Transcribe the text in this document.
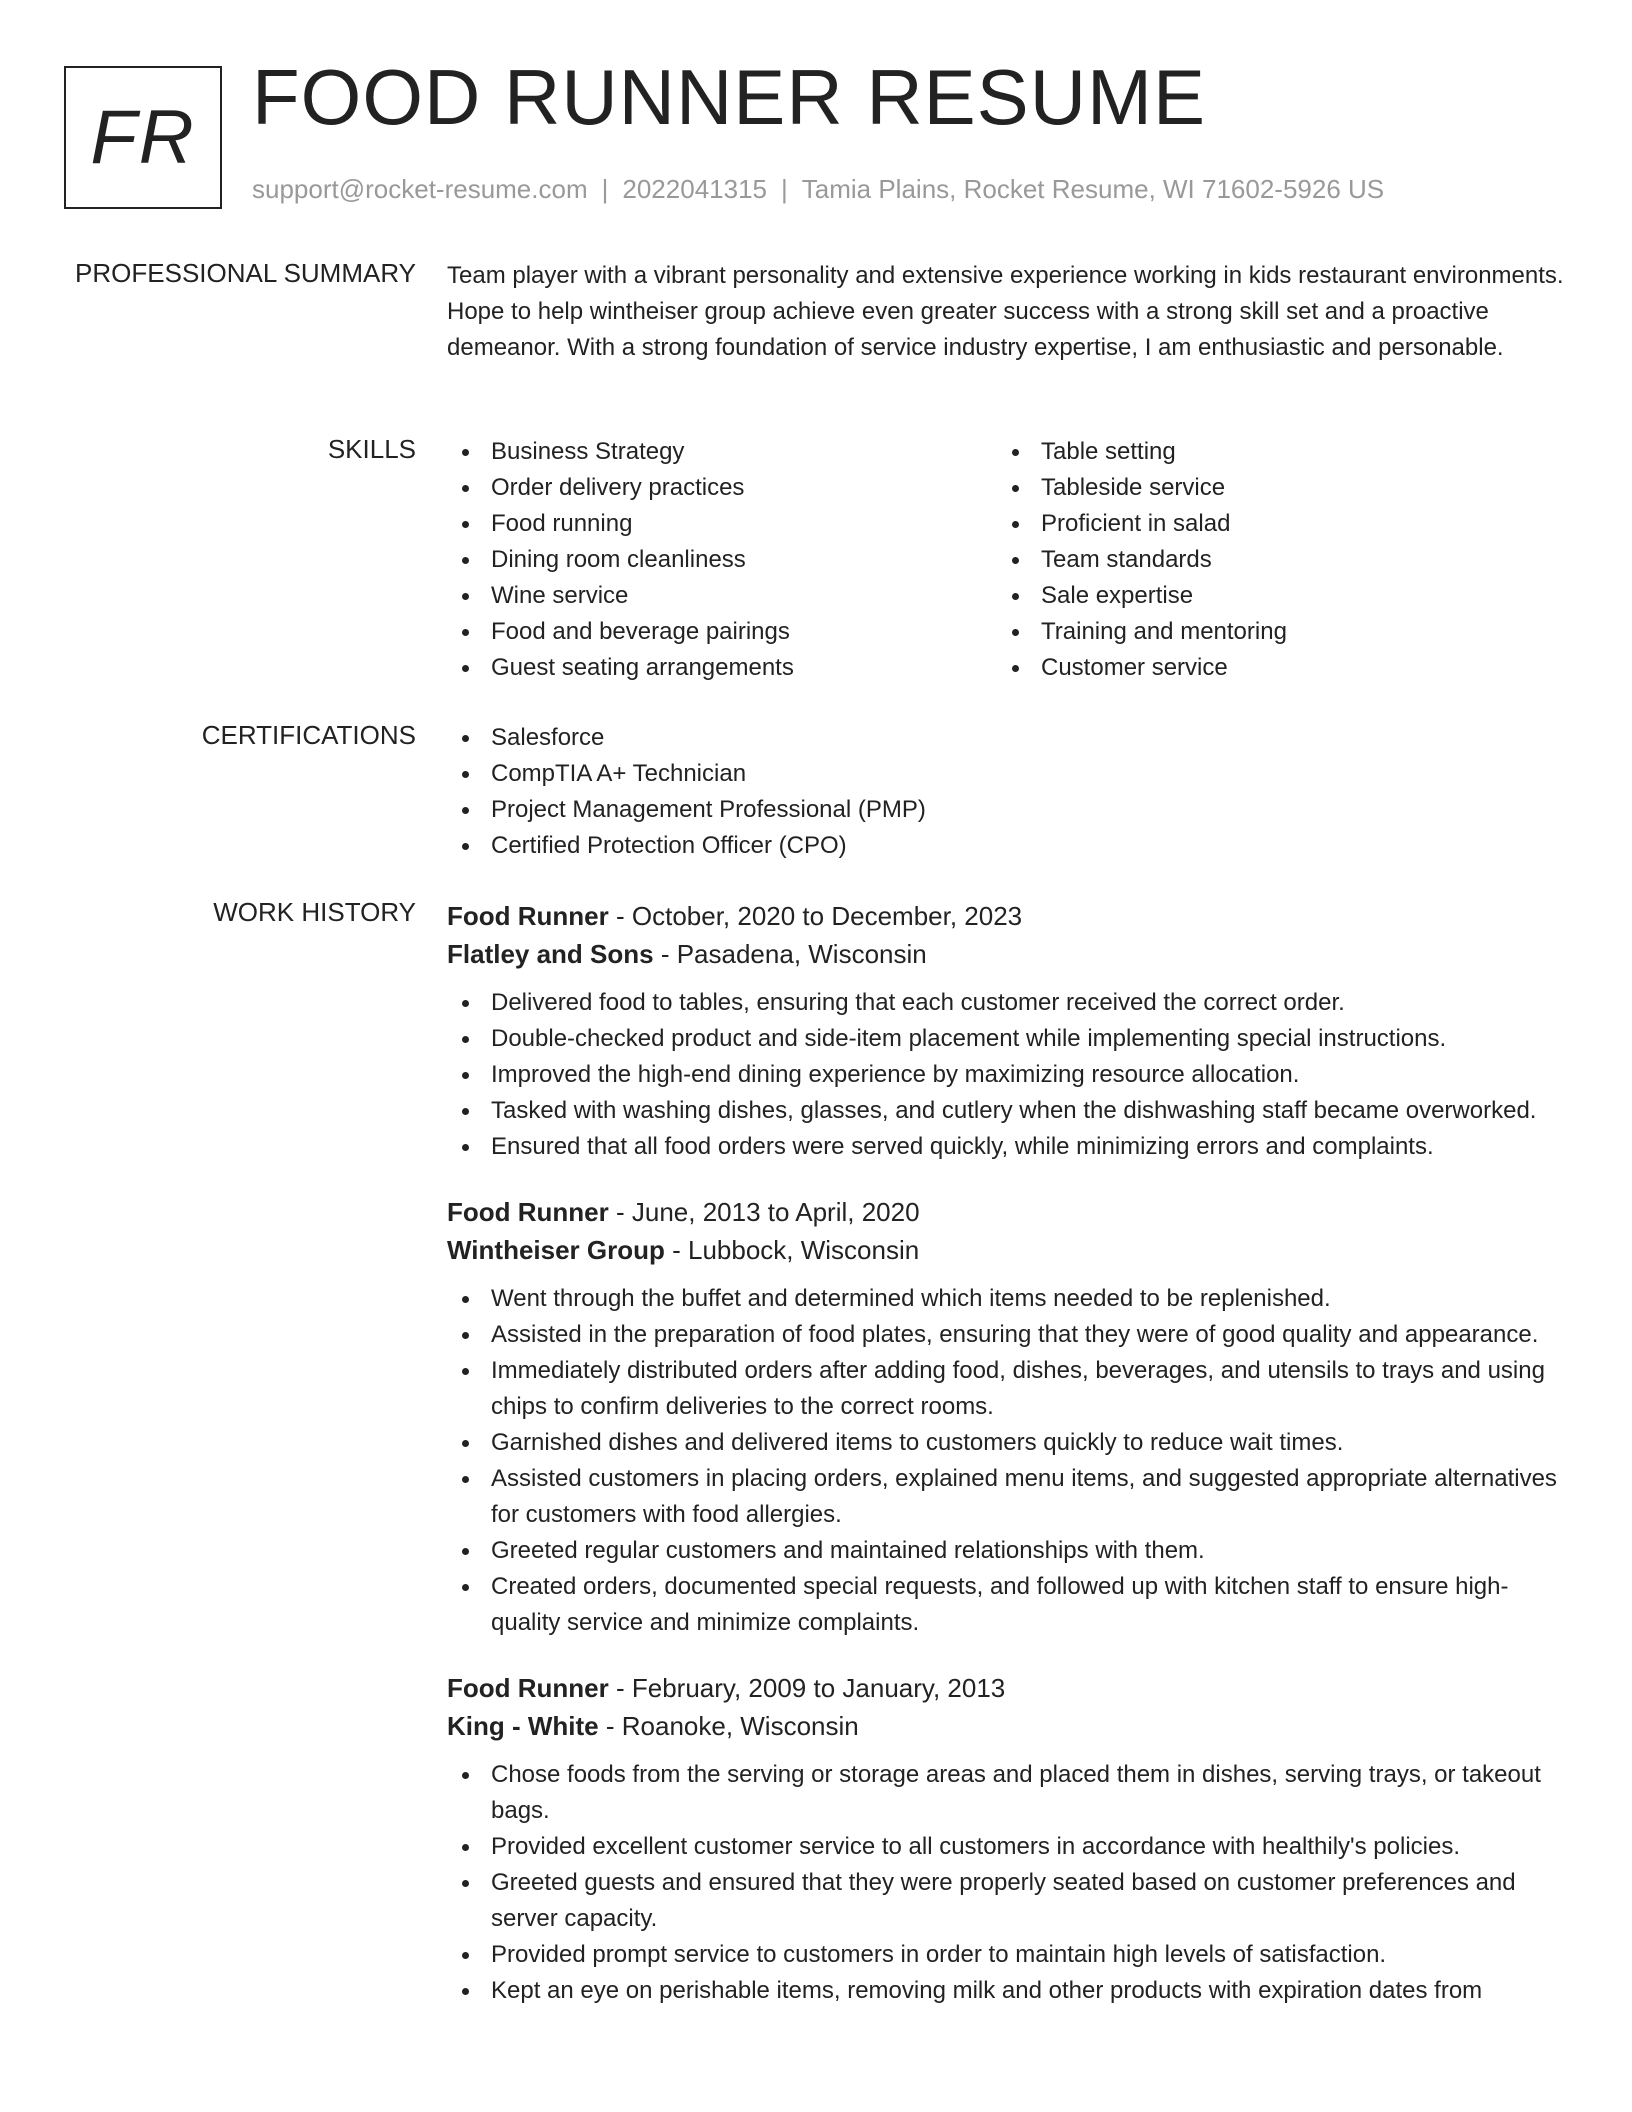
FR FOOD RUNNER RESUME
support@rocket-resume.com | 2022041315 | Tamia Plains, Rocket Resume, WI 71602-5926 US
PROFESSIONAL SUMMARY Team player with a vibrant personality and extensive experience working in kids restaurant environments. Hope to help wintheiser group achieve even greater success with a strong skill set and a proactive demeanor. With a strong foundation of service industry expertise, I am enthusiastic and personable.
SKILLS	Business Strategy
Order delivery practices
Food running
Dining room cleanliness
Wine service
Food and beverage pairings
Guest seating arrangements
Table setting
Tableside service
Proficient in salad
Team standards
Sale expertise
Training and mentoring
Customer service
CERTIFICATIONS	Salesforce
CompTIA A+ Technician
Project Management Professional (PMP)
Certified Protection Officer (CPO)
WORK HISTORY Food Runner - October, 2020 to December, 2023
Flatley and Sons - Pasadena, Wisconsin
Delivered food to tables, ensuring that each customer received the correct order.
Double-checked product and side-item placement while implementing special instructions.
Improved the high-end dining experience by maximizing resource allocation.
Tasked with washing dishes, glasses, and cutlery when the dishwashing staff became overworked.
Ensured that all food orders were served quickly, while minimizing errors and complaints.
Food Runner - June, 2013 to April, 2020
Wintheiser Group - Lubbock, Wisconsin
Went through the buffet and determined which items needed to be replenished.
Assisted in the preparation of food plates, ensuring that they were of good quality and appearance.
Immediately distributed orders after adding food, dishes, beverages, and utensils to trays and using chips to confirm deliveries to the correct rooms.
Garnished dishes and delivered items to customers quickly to reduce wait times.
Assisted customers in placing orders, explained menu items, and suggested appropriate alternatives for customers with food allergies.
Greeted regular customers and maintained relationships with them.
Created orders, documented special requests, and followed up with kitchen staff to ensure high-quality service and minimize complaints.
Food Runner - February, 2009 to January, 2013
King - White - Roanoke, Wisconsin
Chose foods from the serving or storage areas and placed them in dishes, serving trays, or takeout bags.
Provided excellent customer service to all customers in accordance with healthily's policies.
Greeted guests and ensured that they were properly seated based on customer preferences and server capacity.
Provided prompt service to customers in order to maintain high levels of satisfaction.
Kept an eye on perishable items, removing milk and other products with expiration dates from
